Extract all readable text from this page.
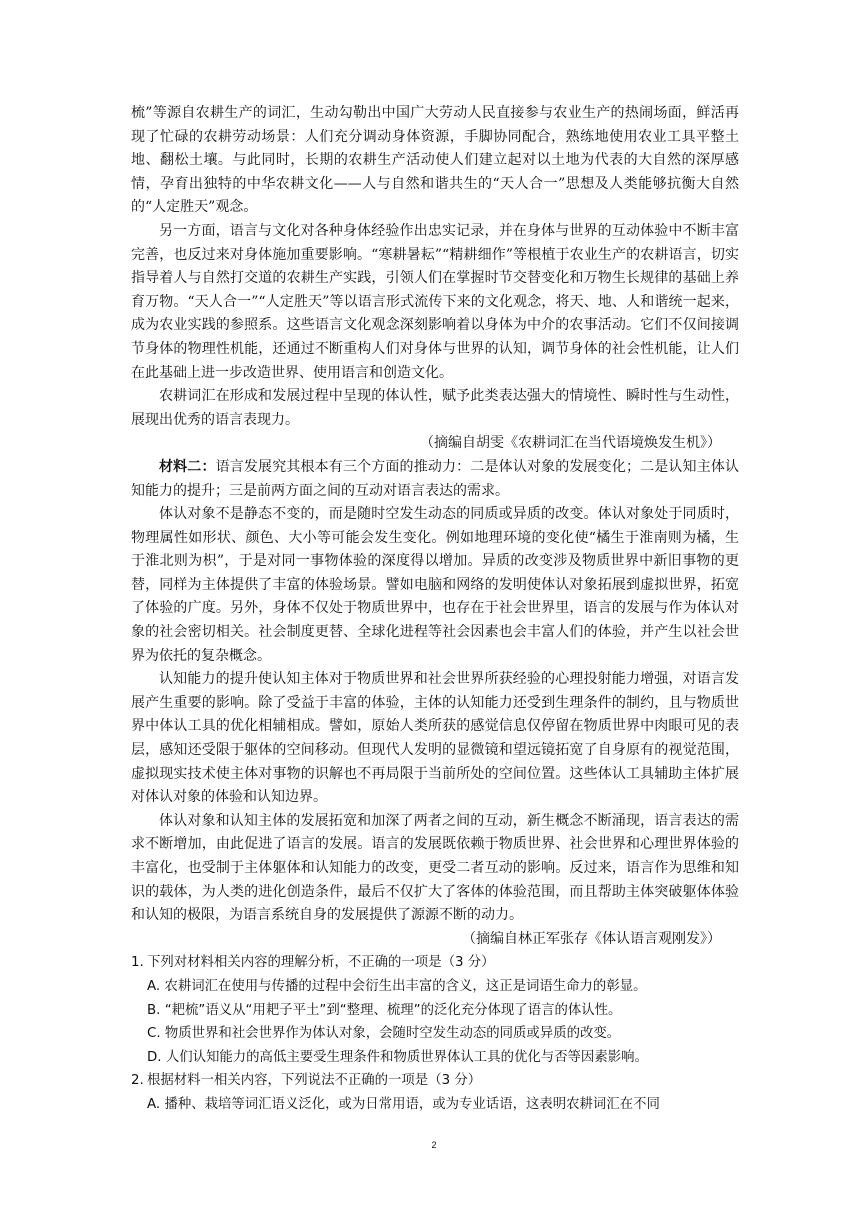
梳”等源自农耕生产的词汇，生动勾勒出中国广大劳动人民直接参与农业生产的热闹场面，鲜活再现了忙碌的农耕劳动场景：人们充分调动身体资源，手脚协同配合，熟练地使用农业工具平整土地、翻松土壤。与此同时，长期的农耕生产活动使人们建立起对以土地为代表的大自然的深厚感情，孕育出独特的中华农耕文化——人与自然和谐共生的“天人合一”思想及人类能够抗衡大自然的“人定胜天”观念。

另一方面，语言与文化对各种身体经验作出忠实记录，并在身体与世界的互动体验中不断丰富完善，也反过来对身体施加重要影响。“寒耕暑耘”“精耕细作”等根植于农业生产的农耕语言，切实指导着人与自然打交道的农耕生产实践，引领人们在掌握时节交替变化和万物生长规律的基础上养育万物。“天人合一”“人定胜天”等以语言形式流传下来的文化观念，将天、地、人和谐统一起来，成为农业实践的参照系。这些语言文化观念深刻影响着以身体为中介的农事活动。它们不仅间接调节身体的物理性机能，还通过不断重构人们对身体与世界的认知，调节身体的社会性机能，让人们在此基础上进一步改造世界、使用语言和创造文化。

农耕词汇在形成和发展过程中呈现的体认性，赋予此类表达强大的情境性、瞬时性与生动性，展现出优秀的语言表现力。

（摘编自胡雯《农耕词汇在当代语境焕发生机》）

材料二：语言发展究其根本有三个方面的推动力：二是体认对象的发展变化；二是认知主体认知能力的提升；三是前两方面之间的互动对语言表达的需求。

体认对象不是静态不变的，而是随时空发生动态的同质或异质的改变。体认对象处于同质时，物理属性如形状、颜色、大小等可能会发生变化。例如地理环境的变化使“橘生于淮南则为橘，生于淮北则为枳”，于是对同一事物体验的深度得以增加。异质的改变涉及物质世界中新旧事物的更替，同样为主体提供了丰富的体验场景。譬如电脑和网络的发明使体认对象拓展到虚拟世界，拓宽了体验的广度。另外，身体不仅处于物质世界中，也存在于社会世界里，语言的发展与作为体认对象的社会密切相关。社会制度更替、全球化进程等社会因素也会丰富人们的体验，并产生以社会世界为依托的复杂概念。

认知能力的提升使认知主体对于物质世界和社会世界所获经验的心理投射能力增强，对语言发展产生重要的影响。除了受益于丰富的体验，主体的认知能力还受到生理条件的制约，且与物质世界中体认工具的优化相辅相成。譬如，原始人类所获的感觉信息仅停留在物质世界中肉眼可见的表层，感知还受限于躯体的空间移动。但现代人发明的显微镜和望远镜拓宽了自身原有的视觉范围，虚拟现实技术使主体对事物的识解也不再局限于当前所处的空间位置。这些体认工具辅助主体扩展对体认对象的体验和认知边界。

体认对象和认知主体的发展拓宽和加深了两者之间的互动，新生概念不断涌现，语言表达的需求不断增加，由此促进了语言的发展。语言的发展既依赖于物质世界、社会世界和心理世界体验的丰富化，也受制于主体躯体和认知能力的改变，更受二者互动的影响。反过来，语言作为思维和知识的载体，为人类的进化创造条件，最后不仅扩大了客体的体验范围，而且帮助主体突破躯体体验和认知的极限，为语言系统自身的发展提供了源源不断的动力。

（摘编自林正军张存《体认语言观刚发》）

1. 下列对材料相关内容的理解分析，不正确的一项是（3 分）

A. 农耕词汇在使用与传播的过程中会衍生出丰富的含义，这正是词语生命力的彰显。

B. “耙梳”语义从“用耙子平土”到“整理、梳理”的泛化充分体现了语言的体认性。

C. 物质世界和社会世界作为体认对象，会随时空发生动态的同质或异质的改变。

D. 人们认知能力的高低主要受生理条件和物质世界体认工具的优化与否等因素影响。

2. 根据材料一相关内容，下列说法不正确的一项是（3 分）

A. 播种、栽培等词汇语义泛化，或为日常用语，或为专业话语，这表明农耕词汇在不同

2
